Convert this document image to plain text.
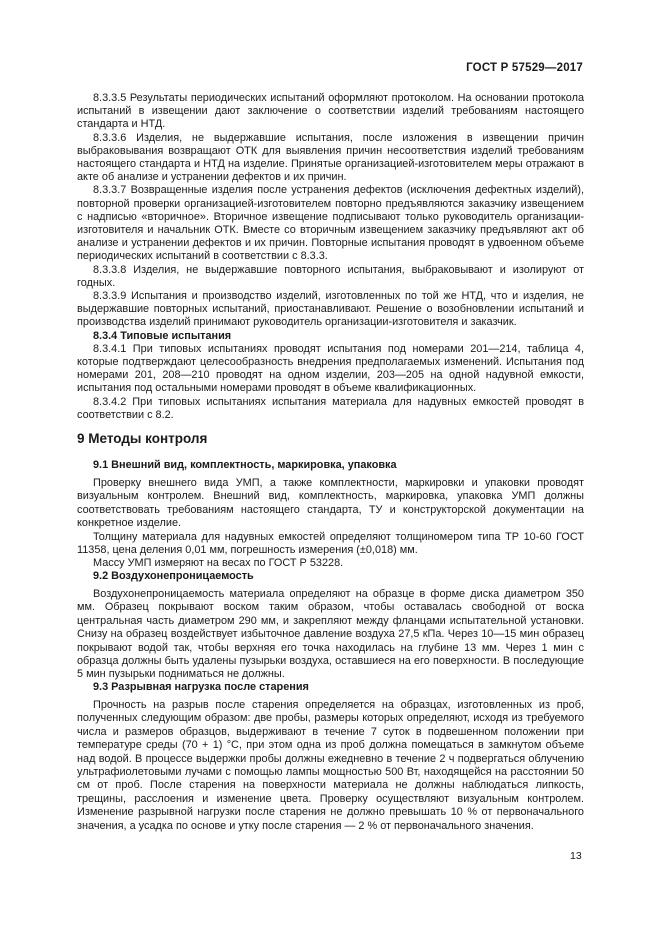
ГОСТ Р 57529—2017

8.3.3.5 Результаты периодических испытаний оформляют протоколом. На основании протокола испытаний в извещении дают заключение о соответствии изделий требованиям настоящего стандарта и НТД.

8.3.3.6 Изделия, не выдержавшие испытания, после изложения в извещении причин выбраковывания возвращают ОТК для выявления причин несоответствия изделий требованиям настоящего стандарта и НТД на изделие. Принятые организацией-изготовителем меры отражают в акте об анализе и устранении дефектов и их причин.

8.3.3.7 Возвращенные изделия после устранения дефектов (исключения дефектных изделий), повторной проверки организацией-изготовителем повторно предъявляются заказчику извещением с надписью «вторичное». Вторичное извещение подписывают только руководитель организации-изготовителя и начальник ОТК. Вместе со вторичным извещением заказчику предъявляют акт об анализе и устранении дефектов и их причин. Повторные испытания проводят в удвоенном объеме периодических испытаний в соответствии с 8.3.3.

8.3.3.8 Изделия, не выдержавшие повторного испытания, выбраковывают и изолируют от годных.

8.3.3.9 Испытания и производство изделий, изготовленных по той же НТД, что и изделия, не выдержавшие повторных испытаний, приостанавливают. Решение о возобновлении испытаний и производства изделий принимают руководитель организации-изготовителя и заказчик.

8.3.4 Типовые испытания

8.3.4.1 При типовых испытаниях проводят испытания под номерами 201—214, таблица 4, которые подтверждают целесообразность внедрения предполагаемых изменений. Испытания под номерами 201, 208—210 проводят на одном изделии, 203—205 на одной надувной емкости, испытания под остальными номерами проводят в объеме квалификационных.

8.3.4.2 При типовых испытаниях испытания материала для надувных емкостей проводят в соответствии с 8.2.

9 Методы контроля
9.1 Внешний вид, комплектность, маркировка, упаковка

Проверку внешнего вида УМП, а также комплектности, маркировки и упаковки проводят визуальным контролем. Внешний вид, комплектность, маркировка, упаковка УМП должны соответствовать требованиям настоящего стандарта, ТУ и конструкторской документации на конкретное изделие.

Толщину материала для надувных емкостей определяют толщиномером типа ТР 10-60 ГОСТ 11358, цена деления 0,01 мм, погрешность измерения (±0,018) мм.

Массу УМП измеряют на весах по ГОСТ Р 53228.

9.2 Воздухонепроницаемость

Воздухонепроницаемость материала определяют на образце в форме диска диаметром 350 мм. Образец покрывают воском таким образом, чтобы оставалась свободной от воска центральная часть диаметром 290 мм, и закрепляют между фланцами испытательной установки. Снизу на образец воздействует избыточное давление воздуха 27,5 кПа. Через 10—15 мин образец покрывают водой так, чтобы верхняя его точка находилась на глубине 13 мм. Через 1 мин с образца должны быть удалены пузырьки воздуха, оставшиеся на его поверхности. В последующие 5 мин пузырьки подниматься не должны.

9.3 Разрывная нагрузка после старения

Прочность на разрыв после старения определяется на образцах, изготовленных из проб, полученных следующим образом: две пробы, размеры которых определяют, исходя из требуемого числа и размеров образцов, выдерживают в течение 7 суток в подвешенном положении при температуре среды (70 + 1) °С, при этом одна из проб должна помещаться в замкнутом объеме над водой. В процессе выдержки пробы должны ежедневно в течение 2 ч подвергаться облучению ультрафиолетовыми лучами с помощью лампы мощностью 500 Вт, находящейся на расстоянии 50 см от проб. После старения на поверхности материала не должны наблюдаться липкость, трещины, расслоения и изменение цвета. Проверку осуществляют визуальным контролем. Изменение разрывной нагрузки после старения не должно превышать 10 % от первоначального значения, а усадка по основе и утку после старения — 2 % от первоначального значения.

13
